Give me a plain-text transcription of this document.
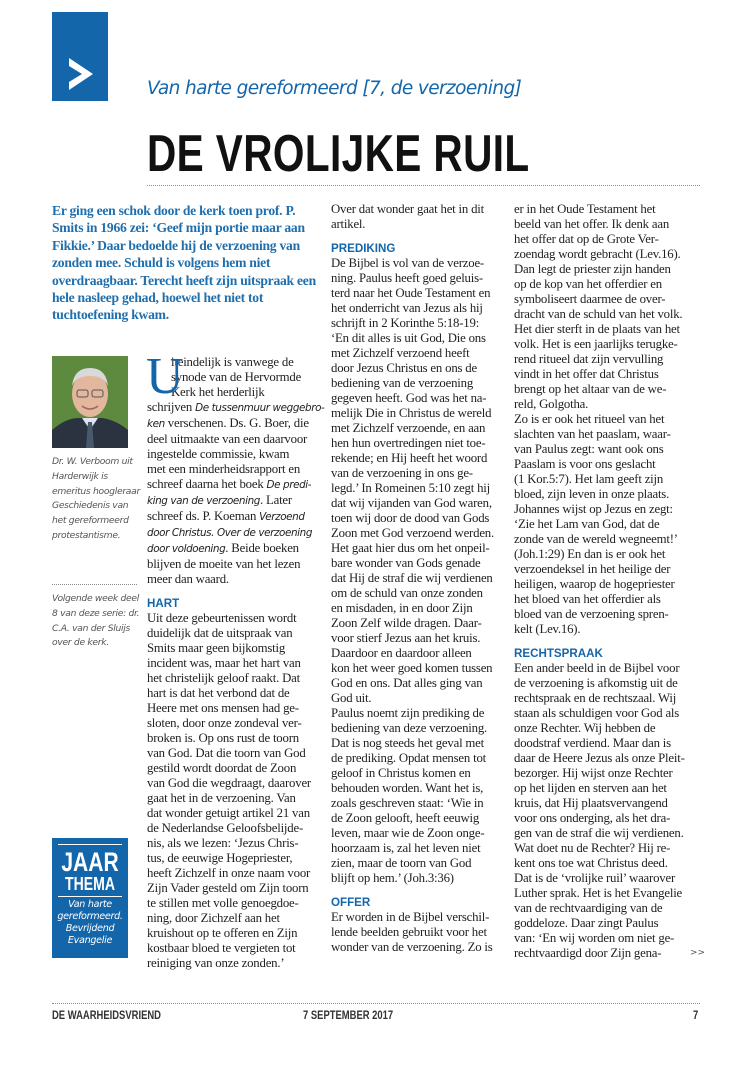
Van harte gereformeerd [7, de verzoening]
DE VROLIJKE RUIL
Er ging een schok door de kerk toen prof. P. Smits in 1966 zei: ‘Geef mijn portie maar aan Fikkie.’ Daar bedoelde hij de verzoening van zonden mee. Schuld is volgens hem niet overdraagbaar. Terecht heeft zijn uitspraak een hele nasleep gehad, hoewel het niet tot tuchtoefening kwam.
Dr. W. Verboom uit Harderwijk is emeritus hoogleraar Geschiedenis van het gereformeerd protestantisme.
Volgende week deel 8 van deze serie: dr. C.A. van der Sluijs over de kerk.
JAAR
THEMA
Van harte gereformeerd. Bevrijdend Evangelie
U
iteindelijk is vanwege de
synode van de Hervormde
Kerk het herderlijk
schrijven De tussenmuur weggebro-
ken verschenen. Ds. G. Boer, die
deel uitmaakte van een daarvoor
ingestelde commissie, kwam
met een minderheidsrapport en
schreef daarna het boek De predi-
king van de verzoening. Later
schreef ds. P. Koeman Verzoend
door Christus. Over de verzoening
door voldoening. Beide boeken
blijven de moeite van het lezen
meer dan waard.
HART
Uit deze gebeurtenissen wordt
duidelijk dat de uitspraak van
Smits maar geen bijkomstig
incident was, maar het hart van
het christelijk geloof raakt. Dat
hart is dat het verbond dat de
Heere met ons mensen had ge-
sloten, door onze zondeval ver-
broken is. Op ons rust de toorn
van God. Dat die toorn van God
gestild wordt doordat de Zoon
van God die wegdraagt, daarover
gaat het in de verzoening. Van
dat wonder getuigt artikel 21 van
de Nederlandse Geloofsbelijde-
nis, als we lezen: ‘Jezus Chris-
tus, de eeuwige Hogepriester,
heeft Zichzelf in onze naam voor
Zijn Vader gesteld om Zijn toorn
te stillen met volle genoegdoe-
ning, door Zichzelf aan het
kruishout op te offeren en Zijn
kostbaar bloed te vergieten tot
reiniging van onze zonden.’
Over dat wonder gaat het in dit
artikel.
PREDIKING
De Bijbel is vol van de verzoe-
ning. Paulus heeft goed geluis-
terd naar het Oude Testament en
het onderricht van Jezus als hij
schrijft in 2 Korinthe 5:18-19:
‘En dit alles is uit God, Die ons
met Zichzelf verzoend heeft
door Jezus Christus en ons de
bediening van de verzoening
gegeven heeft. God was het na-
melijk Die in Christus de wereld
met Zichzelf verzoende, en aan
hen hun overtredingen niet toe-
rekende; en Hij heeft het woord
van de verzoening in ons ge-
legd.’ In Romeinen 5:10 zegt hij
dat wij vijanden van God waren,
toen wij door de dood van Gods
Zoon met God verzoend werden.
Het gaat hier dus om het onpeil-
bare wonder van Gods genade
dat Hij de straf die wij verdienen
om de schuld van onze zonden
en misdaden, in en door Zijn
Zoon Zelf wilde dragen. Daar-
voor stierf Jezus aan het kruis.
Daardoor en daardoor alleen
kon het weer goed komen tussen
God en ons. Dat alles ging van
God uit.
Paulus noemt zijn prediking de
bediening van deze verzoening.
Dat is nog steeds het geval met
de prediking. Opdat mensen tot
geloof in Christus komen en
behouden worden. Want het is,
zoals geschreven staat: ‘Wie in
de Zoon gelooft, heeft eeuwig
leven, maar wie de Zoon onge-
hoorzaam is, zal het leven niet
zien, maar de toorn van God
blijft op hem.’ (Joh.3:36)
OFFER
Er worden in de Bijbel verschil-
lende beelden gebruikt voor het
wonder van de verzoening. Zo is
er in het Oude Testament het
beeld van het offer. Ik denk aan
het offer dat op de Grote Ver-
zoendag wordt gebracht (Lev.16).
Dan legt de priester zijn handen
op de kop van het offerdier en
symboliseert daarmee de over-
dracht van de schuld van het volk.
Het dier sterft in de plaats van het
volk. Het is een jaarlijks terugke-
rend ritueel dat zijn vervulling
vindt in het offer dat Christus
brengt op het altaar van de we-
reld, Golgotha.
Zo is er ook het ritueel van het
slachten van het paaslam, waar-
van Paulus zegt: want ook ons
Paaslam is voor ons geslacht
(1 Kor.5:7). Het lam geeft zijn
bloed, zijn leven in onze plaats.
Johannes wijst op Jezus en zegt:
‘Zie het Lam van God, dat de
zonde van de wereld wegneemt!’
(Joh.1:29) En dan is er ook het
verzoendeksel in het heilige der
heiligen, waarop de hogepriester
het bloed van het offerdier als
bloed van de verzoening spren-
kelt (Lev.16).
RECHTSPRAAK
Een ander beeld in de Bijbel voor
de verzoening is afkomstig uit de
rechtspraak en de rechtszaal. Wij
staan als schuldigen voor God als
onze Rechter. Wij hebben de
doodstraf verdiend. Maar dan is
daar de Heere Jezus als onze Pleit-
bezorger. Hij wijst onze Rechter
op het lijden en sterven aan het
kruis, dat Hij plaatsvervangend
voor ons onderging, als het dra-
gen van de straf die wij verdienen.
Wat doet nu de Rechter? Hij re-
kent ons toe wat Christus deed.
Dat is de ‘vrolijke ruil’ waarover
Luther sprak. Het is het Evangelie
van de rechtvaardiging van de
goddeloze. Daar zingt Paulus
van: ‘En wij worden om niet ge-
rechtvaardigd door Zijn gena-	>>
DE WAARHEIDSVRIEND	7 SEPTEMBER 2017	7
